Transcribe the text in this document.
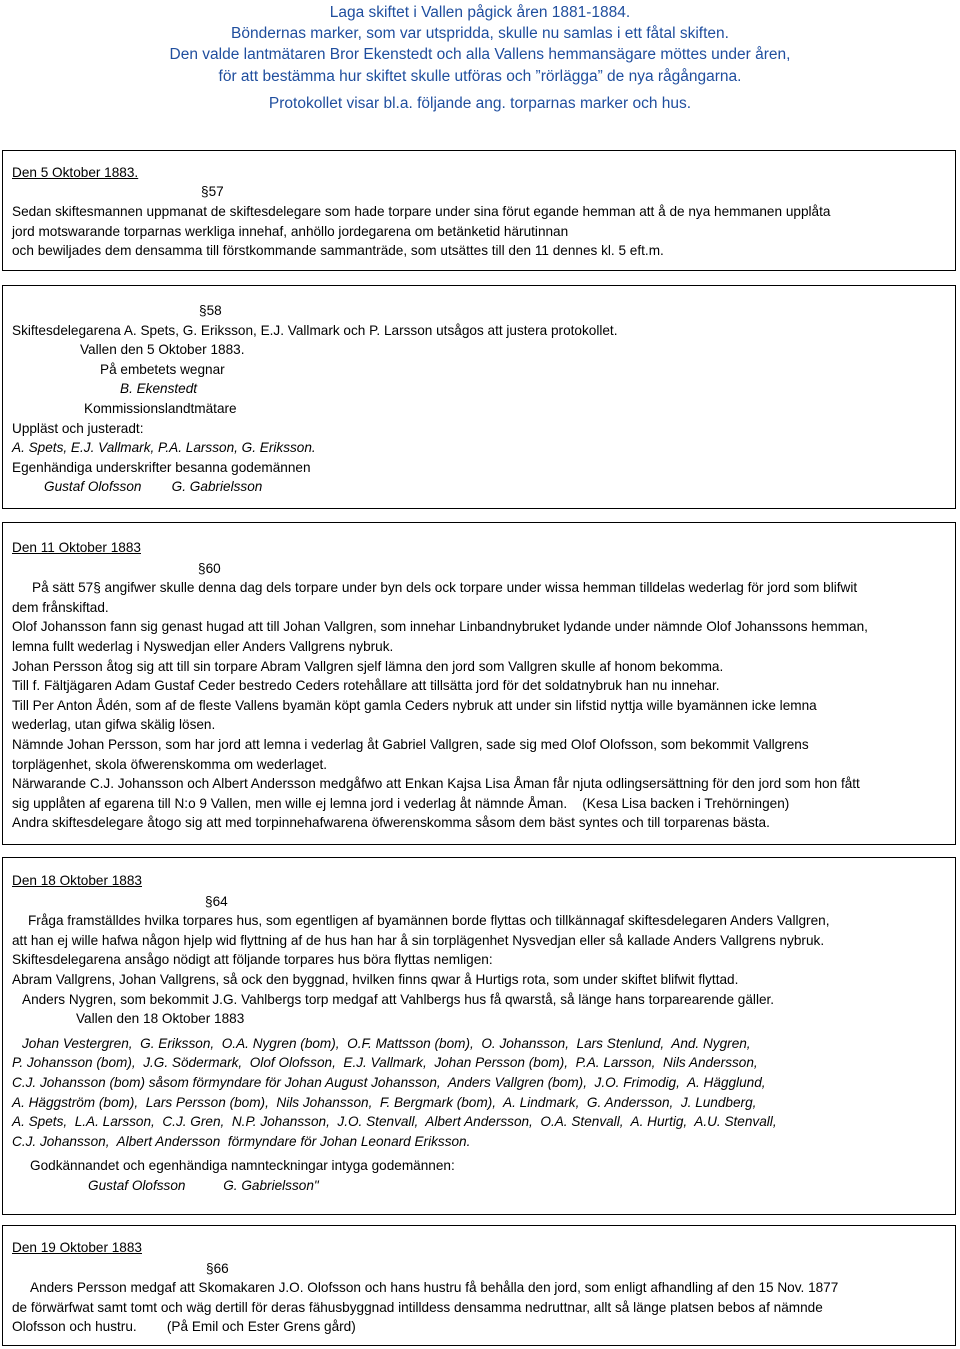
Laga skiftet i Vallen pågick åren 1881-1884.
Böndernas marker, som var utspridda, skulle nu samlas i ett fåtal skiften.
Den valde lantmätaren Bror Ekenstedt och alla Vallens hemmansägare möttes under åren,
för att bestämma hur skiftet skulle utföras och ”rörlägga” de nya rågångarna.
Protokollet visar bl.a. följande ang. torparnas marker och hus.

Den 5 Oktober 1883.

§57

Sedan skiftesmannen uppmanat de skiftesdelegare som hade torpare under sina förut egande hemman att å de nya hemmanen upplåta

jord motswarande torparnas werkliga innehaf, anhöllo jordegarena om betänketid härutinnan

och bewiljades dem densamma till förstkommande sammanträde, som utsättes till den 11 dennes kl. 5 eft.m.

§58

Skiftesdelegarena A. Spets, G. Eriksson, E.J. Vallmark och P. Larsson utsågos att justera protokollet.

Vallen den 5 Oktober 1883.

På embetets wegnar

B. Ekenstedt

Kommissionslandtmätare

Uppläst och justeradt:

A. Spets, E.J. Vallmark, P.A. Larsson, G. Eriksson.

Egenhändiga underskrifter besanna godemännen

Gustaf Olofsson        G. Gabrielsson

Den 11 Oktober 1883

§60

På sätt 57§ angifwer skulle denna dag dels torpare under byn dels ock torpare under wissa hemman tilldelas wederlag för jord som blifwit

dem frånskiftad.

Olof Johansson fann sig genast hugad att till Johan Vallgren, som innehar Linbandnybruket lydande under nämnde Olof Johanssons hemman,

lemna fullt wederlag i Nyswedjan eller Anders Vallgrens nybruk.

Johan Persson åtog sig att till sin torpare Abram Vallgren sjelf lämna den jord som Vallgren skulle af honom bekomma.

Till f. Fältjägaren Adam Gustaf Ceder bestredo Ceders rotehållare att tillsätta jord för det soldatnybruk han nu innehar.

Till Per Anton Ådén, som af de fleste Vallens byamän köpt gamla Ceders nybruk att under sin lifstid nyttja wille byamännen icke lemna

wederlag, utan gifwa skälig lösen.

Nämnde Johan Persson, som har jord att lemna i vederlag åt Gabriel Vallgren, sade sig med Olof Olofsson, som bekommit Vallgrens

torplägenhet, skola öfwerenskomma om wederlaget.

Närwarande C.J. Johansson och Albert Andersson medgåfwo att Enkan Kajsa Lisa Åman får njuta odlingsersättning för den jord som hon fått

sig upplåten af egarena till N:o 9 Vallen, men wille ej lemna jord i vederlag åt nämnde Åman.    (Kesa Lisa backen i Trehörningen)

Andra skiftesdelegare åtogo sig att med torpinnehafwarena öfwerenskomma såsom dem bäst syntes och till torparenas bästa.

Den 18 Oktober 1883

§64

Fråga framställdes hvilka torpares hus, som egentligen af byamännen borde flyttas och tillkännagaf skiftesdelegaren Anders Vallgren,

att han ej wille hafwa någon hjelp wid flyttning af de hus han har å sin torplägenhet Nysvedjan eller så kallade Anders Vallgrens nybruk.

Skiftesdelegarena ansågo nödigt att följande torpares hus böra flyttas nemligen:

Abram Vallgrens, Johan Vallgrens, så ock den byggnad, hvilken finns qwar å Hurtigs rota, som under skiftet blifwit flyttad.

Anders Nygren, som bekommit J.G. Vahlbergs torp medgaf att Vahlbergs hus få qwarstå, så länge hans torparearende gäller.

Vallen den 18 Oktober 1883

Johan Vestergren,  G. Eriksson,  O.A. Nygren (bom),  O.F. Mattsson (bom),  O. Johansson,  Lars Stenlund,  And. Nygren,

P. Johansson (bom),  J.G. Södermark,  Olof Olofsson,  E.J. Vallmark,  Johan Persson (bom),  P.A. Larsson,  Nils Andersson,

C.J. Johansson (bom) såsom förmyndare för Johan August Johansson,  Anders Vallgren (bom),  J.O. Frimodig,  A. Hägglund,

A. Häggström (bom),  Lars Persson (bom),  Nils Johansson,  F. Bergmark (bom),  A. Lindmark,  G. Andersson,  J. Lundberg,

A. Spets,  L.A. Larsson,  C.J. Gren,  N.P. Johansson,  J.O. Stenvall,  Albert Andersson,  O.A. Stenvall,  A. Hurtig,  A.U. Stenvall,

C.J. Johansson,  Albert Andersson  förmyndare för Johan Leonard Eriksson.

Godkännandet och egenhändiga namnteckningar intyga godemännen:

Gustaf Olofsson          G. Gabrielsson"

Den 19 Oktober 1883

§66

Anders Persson medgaf att Skomakaren J.O. Olofsson och hans hustru få behålla den jord, som enligt afhandling af den 15 Nov. 1877

de förwärfwat samt tomt och wäg dertill för deras fähusbyggnad intilldess densamma nedruttnar, allt så länge platsen bebos af nämnde

Olofsson och hustru.        (På Emil och Ester Grens gård)
